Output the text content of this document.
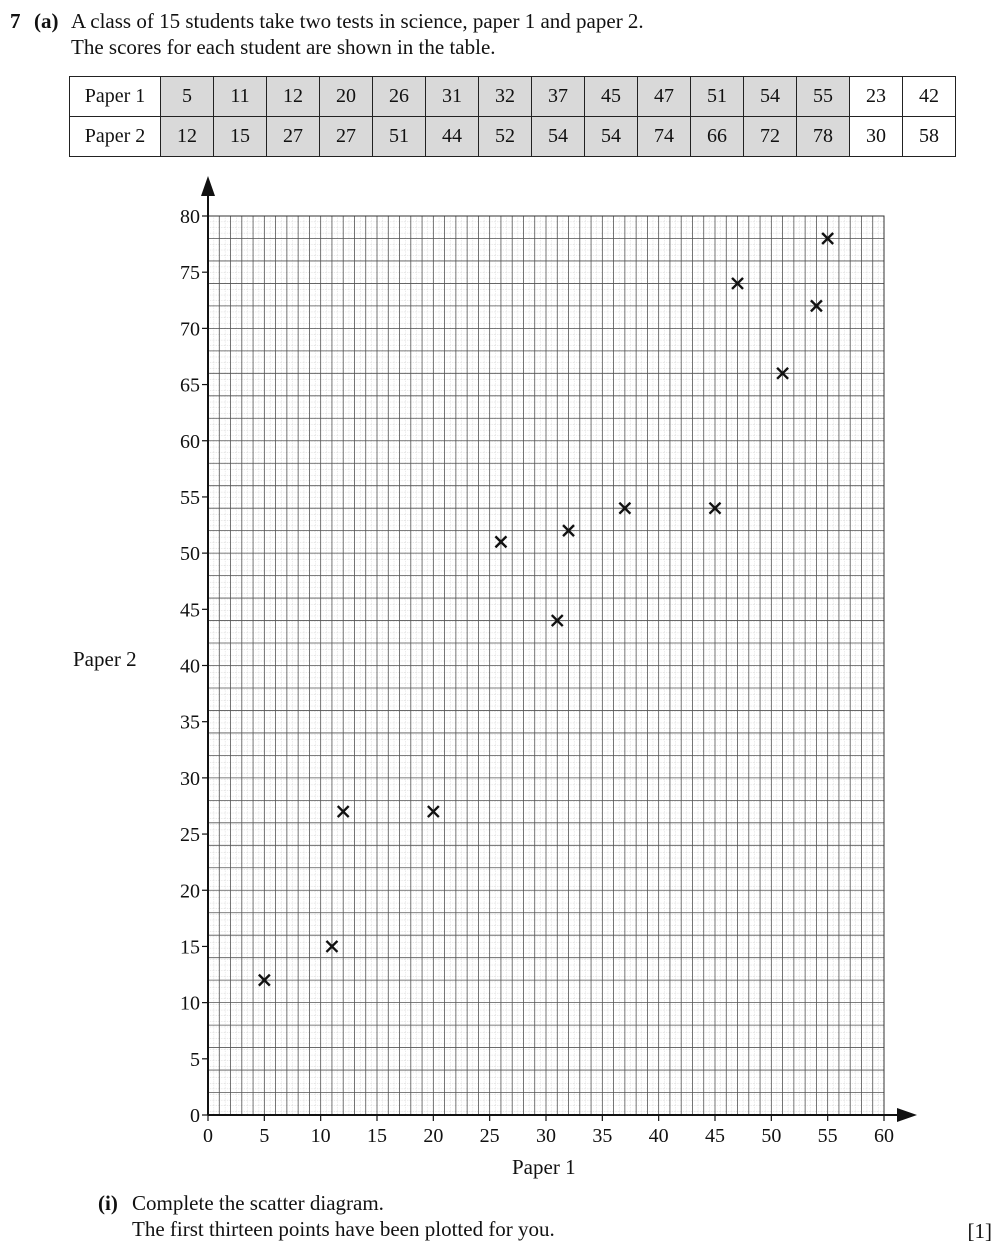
7 (a) A class of 15 students take two tests in science, paper 1 and paper 2.
The scores for each student are shown in the table.
Paper 1	5	11	12	20	26	31	32	37	45	47	51	54	55	23	42
Paper 2	12	15	27	27	51	44	52	54	54	74	66	72	78	30	58
0 5 10 15 20 25 30 35 40 45 50 55 60
0
5
10
15
20
25
30
35
40
45
50
55
60
65
70
75
80
Paper 2
Paper 1
(i) Complete the scatter diagram.
The first thirteen points have been plotted for you.	[1]
